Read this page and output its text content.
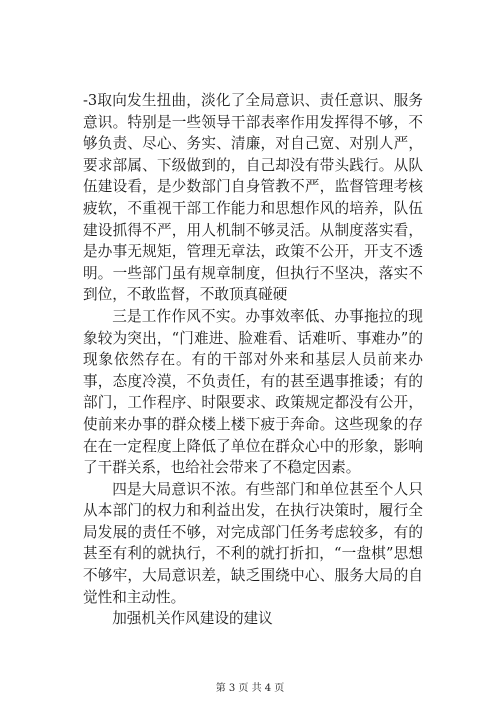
-3取向发生扭曲，淡化了全局意识、责任意识、服务意识。特别是一些领导干部表率作用发挥得不够，不够负责、尽心、务实、清廉，对自己宽、对别人严，要求部属、下级做到的，自己却没有带头践行。从队伍建设看，是少数部门自身管教不严，监督管理考核疲软，不重视干部工作能力和思想作风的培养，队伍建设抓得不严，用人机制不够灵活。从制度落实看，是办事无规矩，管理无章法，政策不公开，开支不透明。一些部门虽有规章制度，但执行不坚决，落实不到位，不敢监督，不敢顶真碰硬

三是工作作风不实。办事效率低、办事拖拉的现象较为突出，“门难进、脸难看、话难听、事难办”的现象依然存在。有的干部对外来和基层人员前来办事，态度冷漠，不负责任，有的甚至遇事推诿；有的部门，工作程序、时限要求、政策规定都没有公开，使前来办事的群众楼上楼下疲于奔命。这些现象的存在在一定程度上降低了单位在群众心中的形象，影响了干群关系，也给社会带来了不稳定因素。

四是大局意识不浓。有些部门和单位甚至个人只从本部门的权力和利益出发，在执行决策时，履行全局发展的责任不够，对完成部门任务考虑较多，有的甚至有利的就执行，不利的就打折扣，“一盘棋”思想不够牢，大局意识差，缺乏围绕中心、服务大局的自觉性和主动性。

加强机关作风建设的建议

第 3 页 共 4 页
